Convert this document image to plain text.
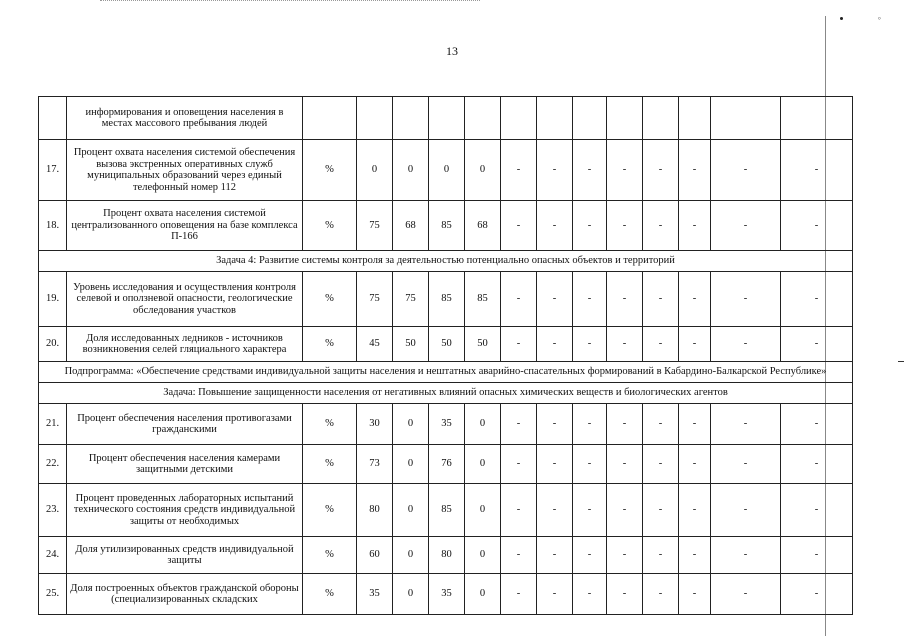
13
°
	информирования и оповещения населения в местах массового пребывания людей													
17.	Процент охвата населения системой обеспечения вызова экстренных оперативных служб муниципальных образований через единый телефонный номер 112	%	0	0	0	0	-	-	-	-	-	-	-	-
18.	Процент охвата населения системой централизованного оповещения на базе комплекса П-166	%	75	68	85	68	-	-	-	-	-	-	-	-
Задача 4: Развитие системы контроля за деятельностью потенциально опасных объектов и территорий														
19.	Уровень исследования и осуществления контроля селевой и оползневой опасности, геологические обследования участков	%	75	75	85	85	-	-	-	-	-	-	-	-
20.	Доля исследованных ледников - источников возникновения селей гляциального характера	%	45	50	50	50	-	-	-	-	-	-	-	-
Подпрограмма: «Обеспечение средствами индивидуальной защиты населения и нештатных аварийно-спасательных формирований в Кабардино-Балкарской Республике»														
Задача: Повышение защищенности населения от негативных влияний опасных химических веществ и биологических агентов														
21.	Процент обеспечения населения противогазами гражданскими	%	30	0	35	0	-	-	-	-	-	-	-	-
22.	Процент обеспечения населения камерами защитными детскими	%	73	0	76	0	-	-	-	-	-	-	-	-
23.	Процент проведенных лабораторных испытаний технического состояния средств индивидуальной защиты от необходимых	%	80	0	85	0	-	-	-	-	-	-	-	-
24.	Доля утилизированных средств индивидуальной защиты	%	60	0	80	0	-	-	-	-	-	-	-	-
25.	Доля построенных объектов гражданской обороны (специализированных складских	%	35	0	35	0	-	-	-	-	-	-	-	-
